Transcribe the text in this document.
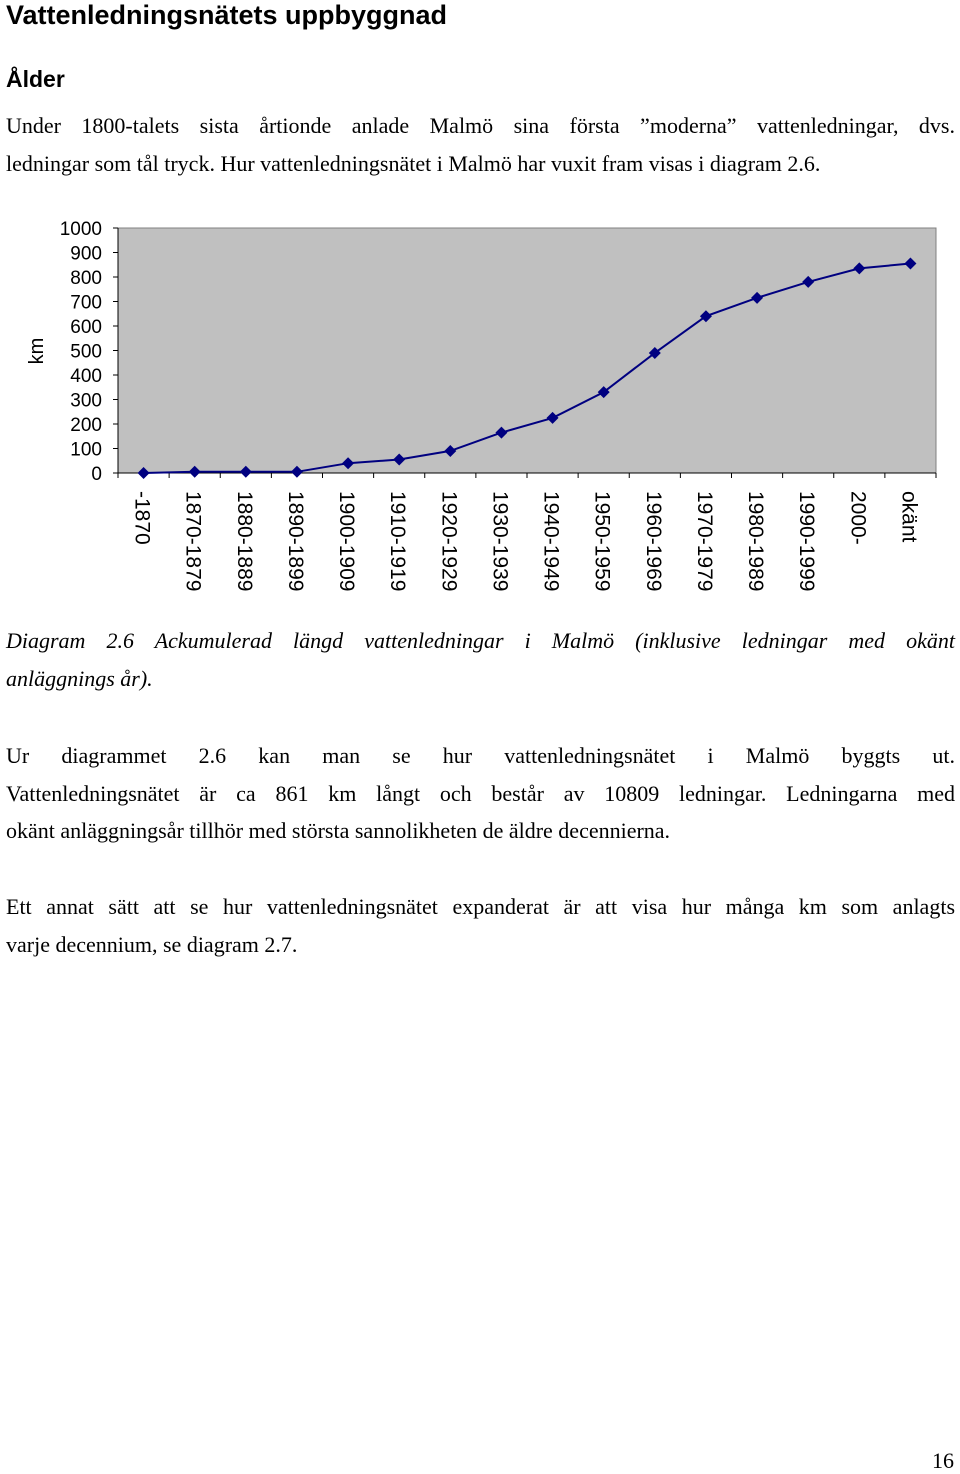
Vattenledningsnätets uppbyggnad
Ålder
Under 1800-talets sista årtionde anlade Malmö sina första ”moderna” vattenledningar, dvs.
ledningar som tål tryck. Hur vattenledningsnätet i Malmö har vuxit fram visas i diagram 2.6.
km
0
100
200
300
400
500
600
700
800
900
1000
-1870 1870-1879 1880-1889 1890-1899 1900-1909 1910-1919 1920-1929 1930-1939 1940-1949 1950-1959 1960-1969 1970-1979 1980-1989 1990-1999 2000- okänt
Diagram 2.6 Ackumulerad längd vattenledningar i Malmö (inklusive ledningar med okänt
anläggnings år).
Ur diagrammet 2.6 kan man se hur vattenledningsnätet i Malmö byggts ut.
Vattenledningsnätet är ca 861 km långt och består av 10809 ledningar. Ledningarna med
okänt anläggningsår tillhör med största sannolikheten de äldre decennierna.
Ett annat sätt att se hur vattenledningsnätet expanderat är att visa hur många km som anlagts
varje decennium, se diagram 2.7.

16
